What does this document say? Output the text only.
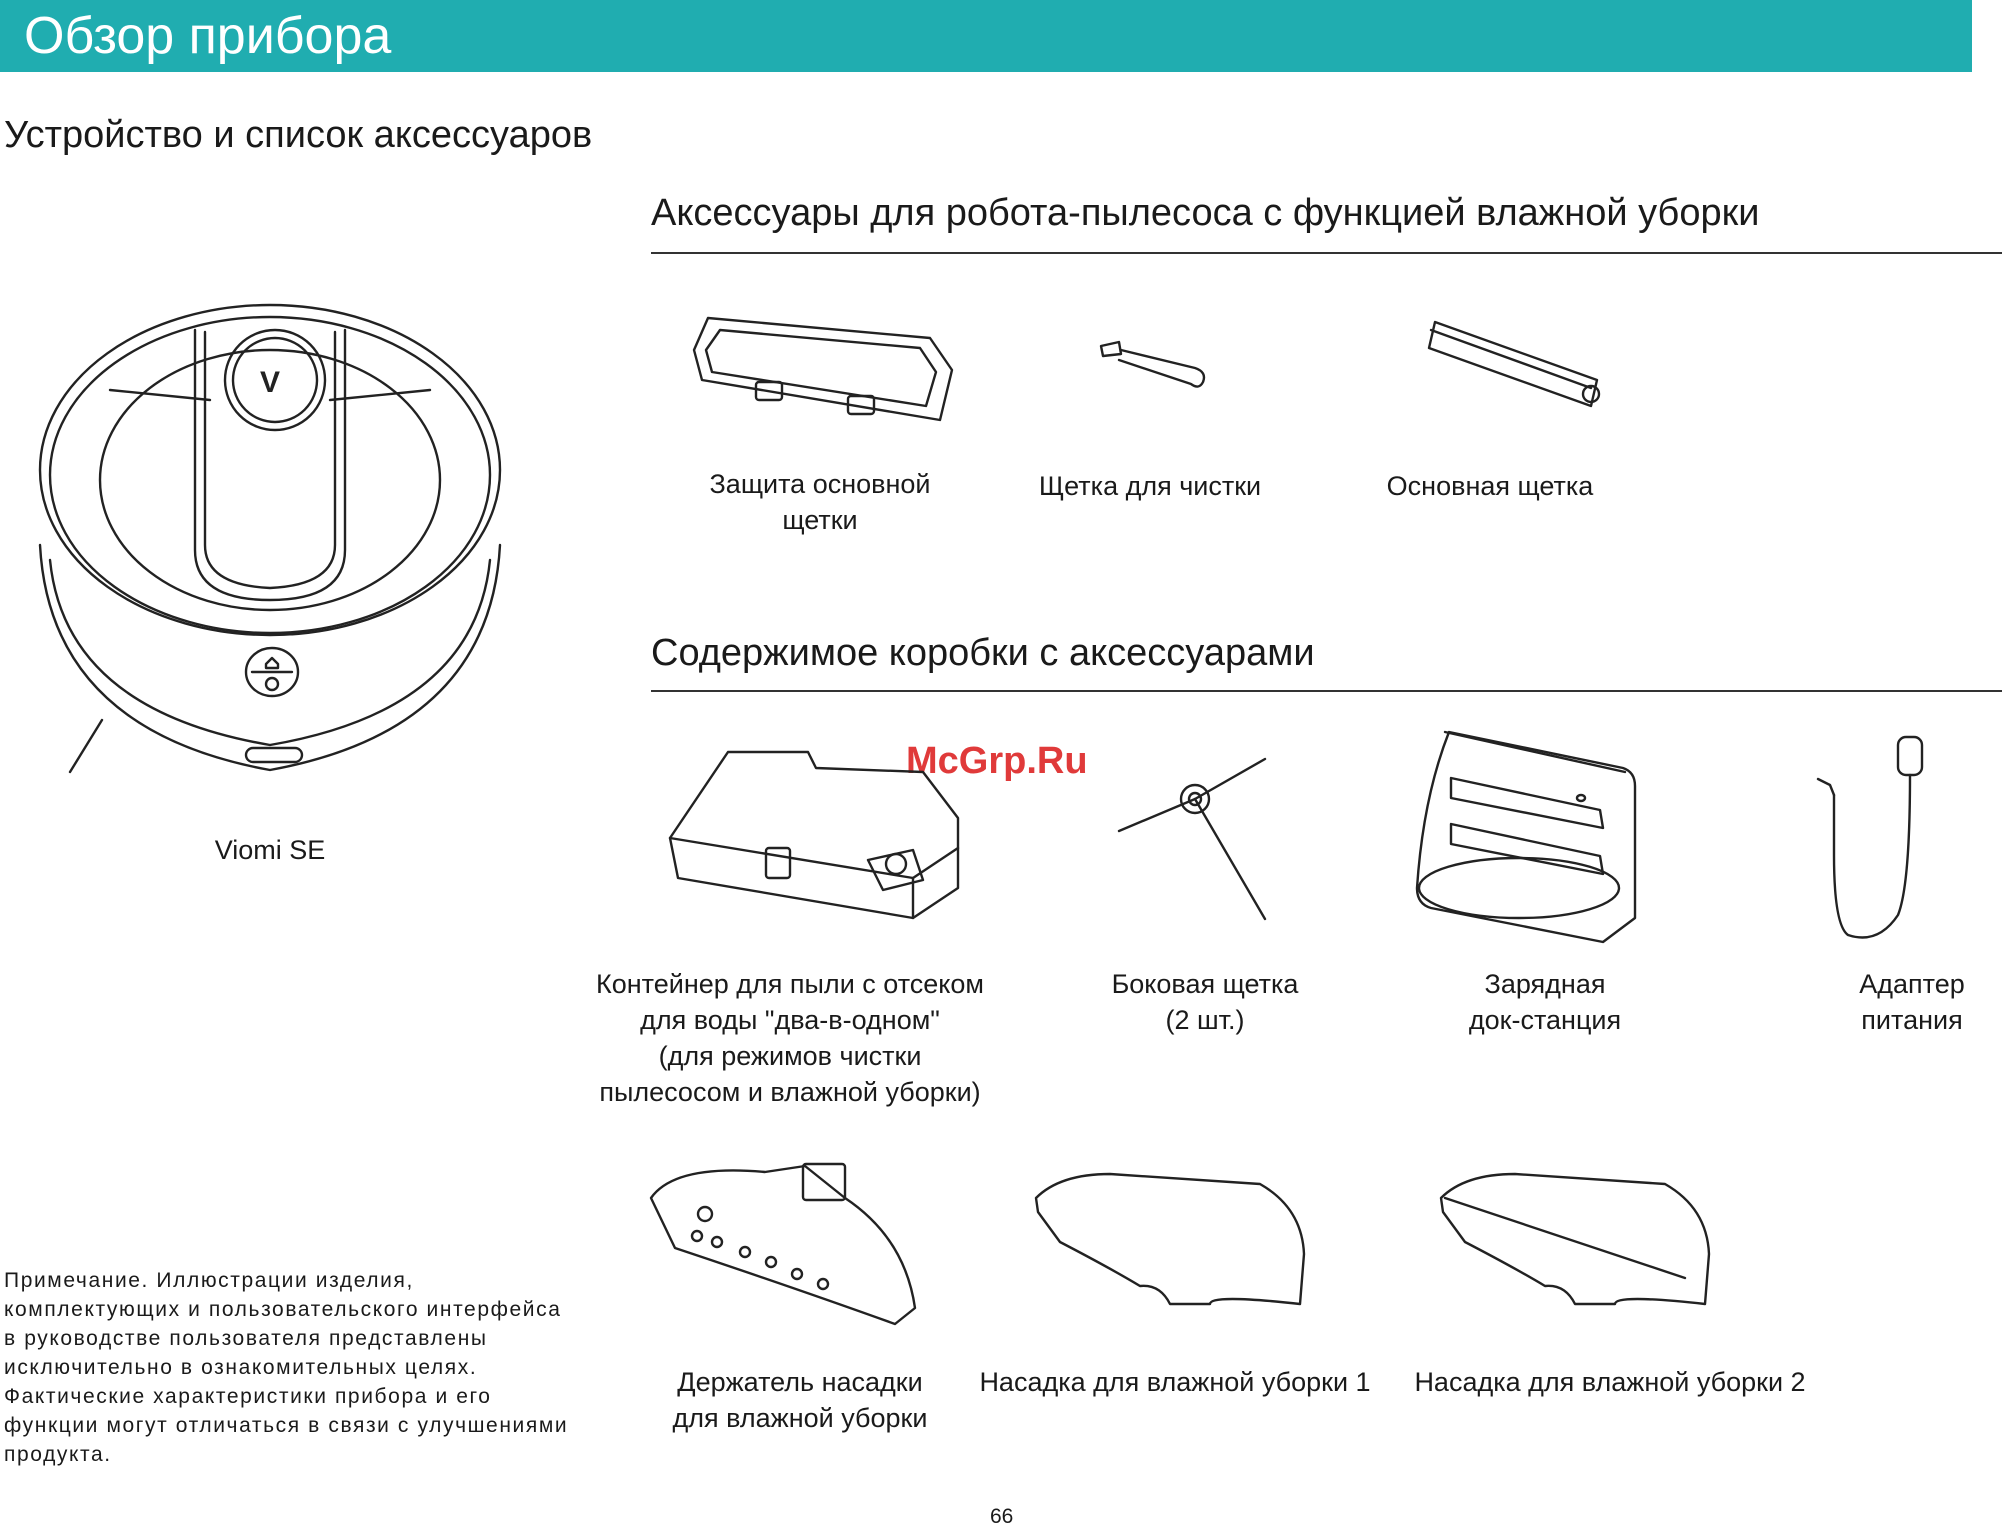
Обзор прибора
Устройство и список аксессуаров
V
Viomi SE
Аксессуары для робота-пылесоса с функцией влажной уборки
Защита основной
щетки
Щетка для чистки	Основная щетка
Содержимое коробки с аксессуарами
McGrp.Ru
Контейнер для пыли с отсеком
для воды "два-в-одном"
(для режимов чистки
пылесосом и влажной уборки)
Боковая щетка
(2 шт.)
Зарядная
док-станция
Адаптер
питания
Держатель насадки
для влажной уборки
Насадка для влажной уборки 1	Насадка для влажной уборки 2
Примечание. Иллюстрации изделия,
комплектующих и пользовательского интерфейса
в руководстве пользователя представлены
исключительно в ознакомительных целях.
Фактические характеристики прибора и его
функции могут отличаться в связи с улучшениями
продукта.
66
